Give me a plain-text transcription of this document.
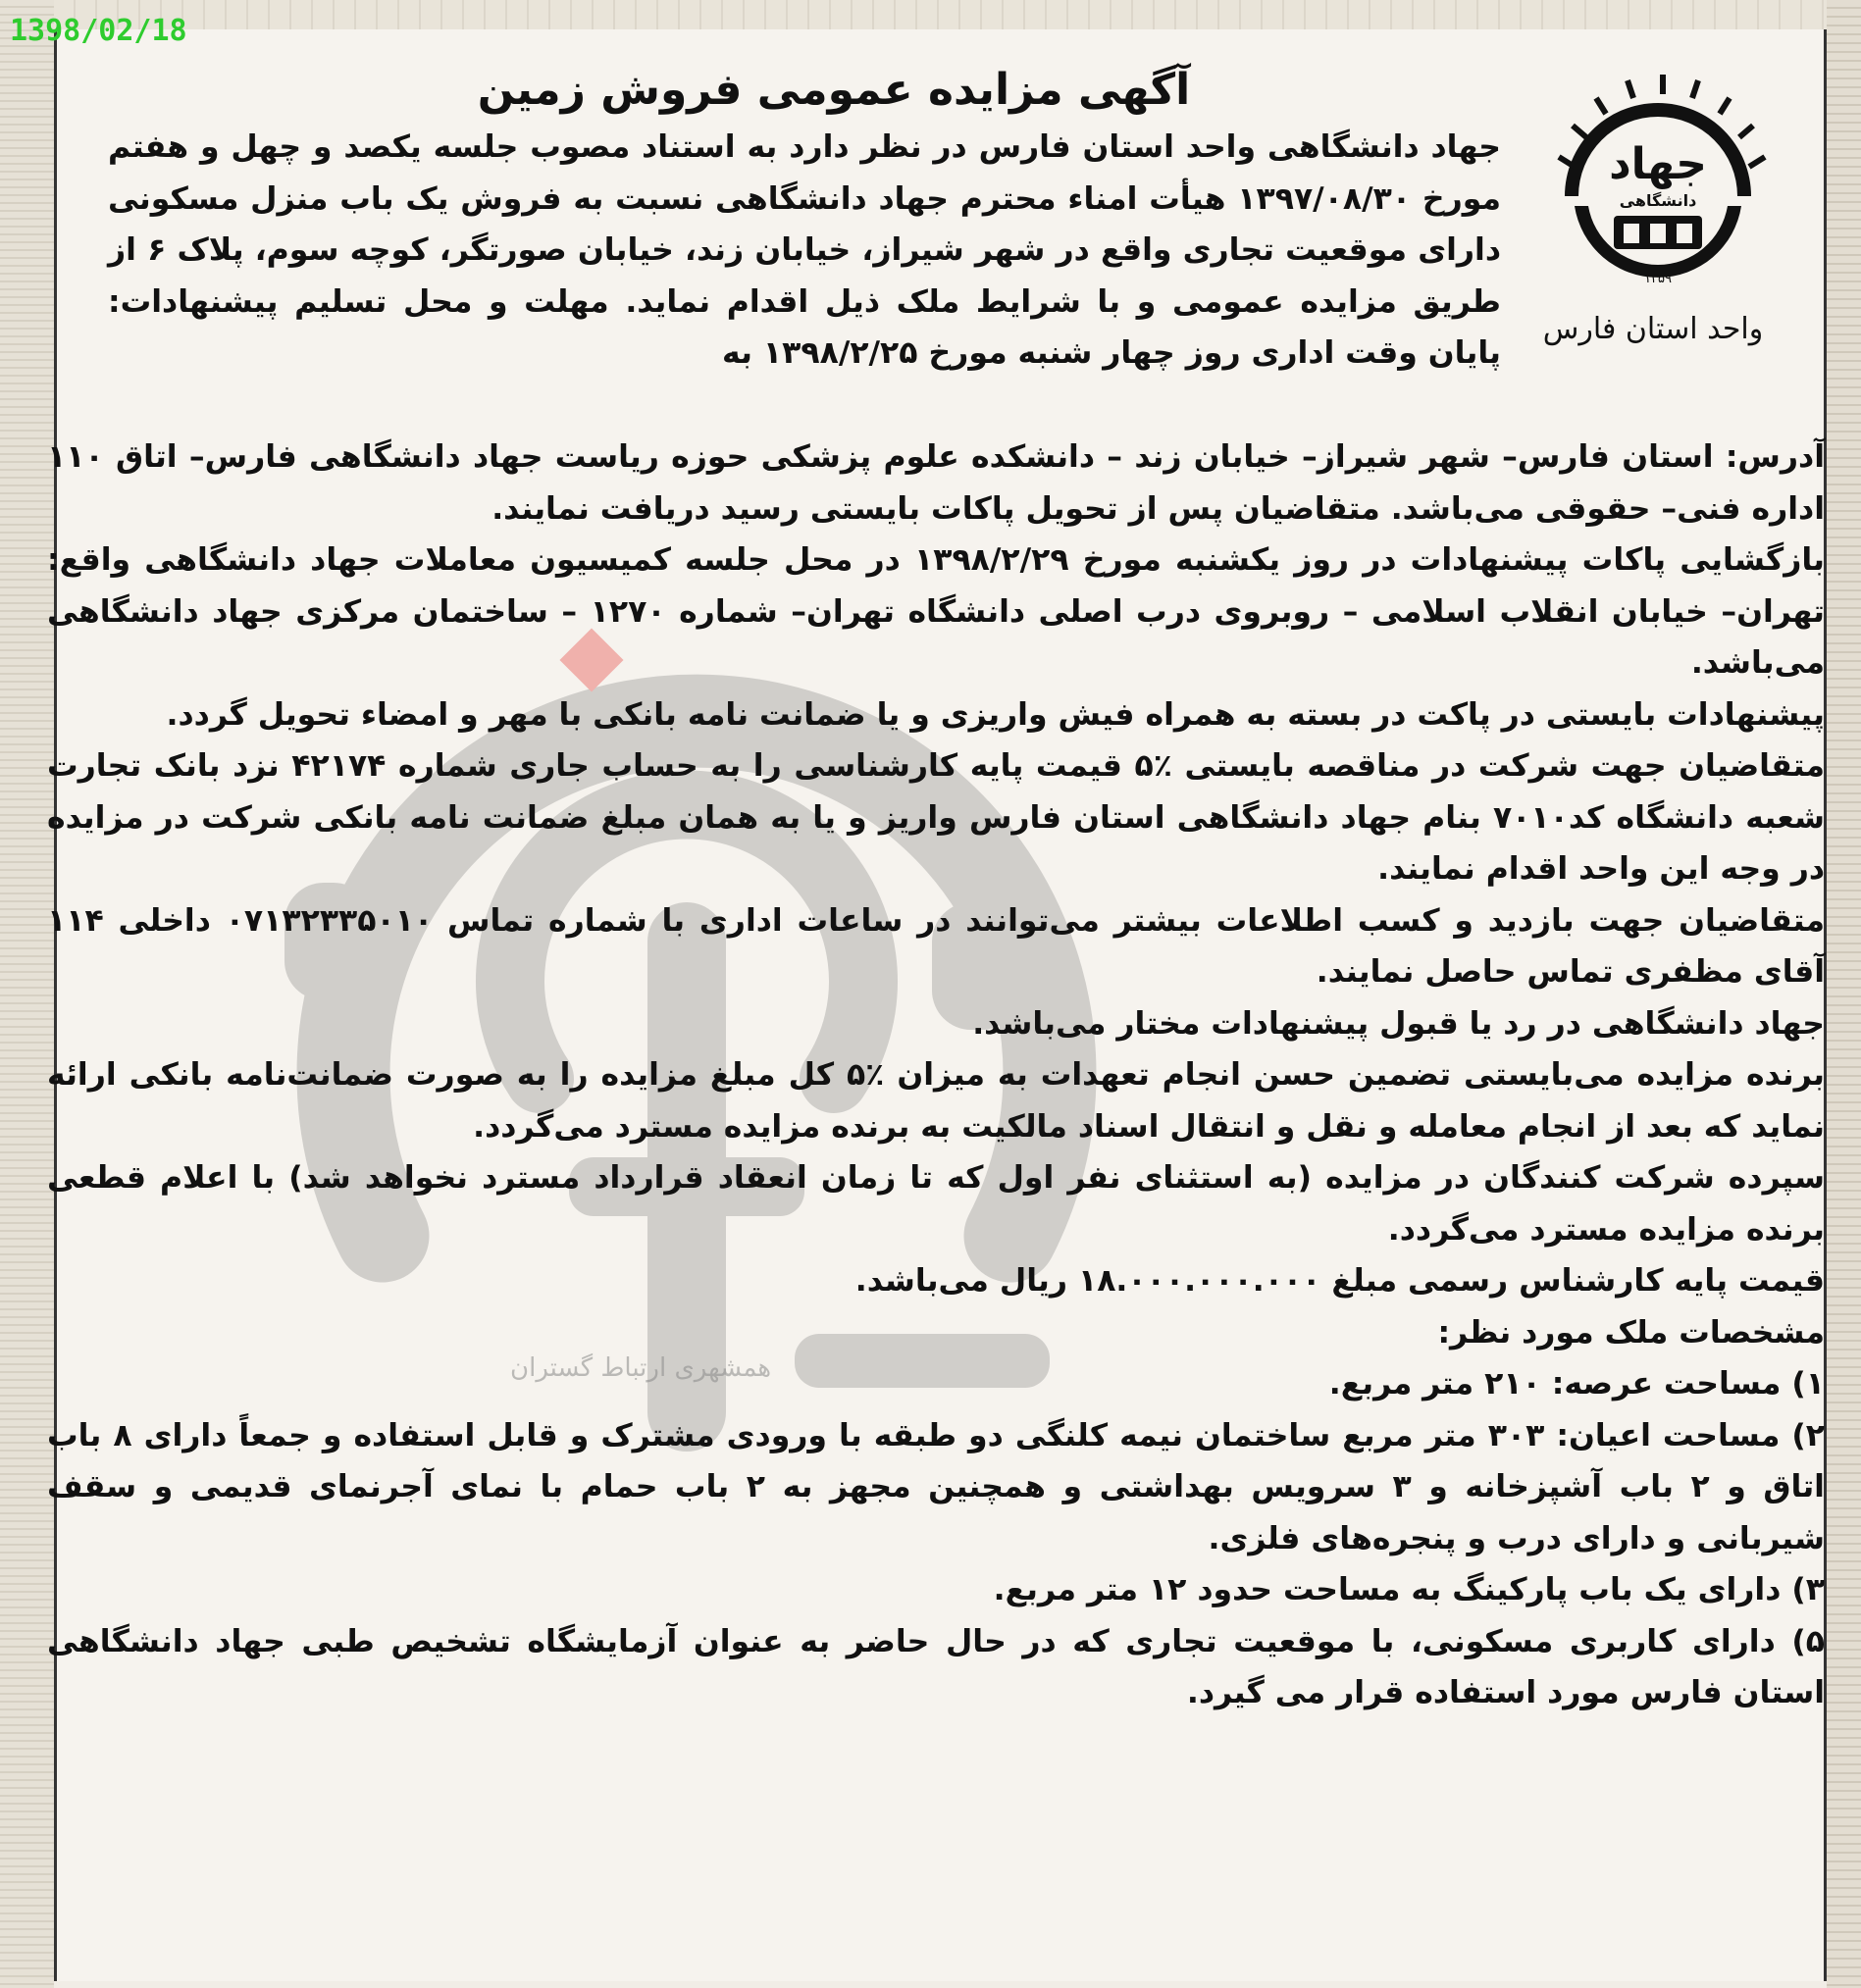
1398/02/18
همشهری ارتباط گستران
جهاد
دانشگاهی
۱۳۵۹
واحد استان فارس
آگهی مزایده عمومی فروش زمین

جهاد دانشگاهی واحد استان فارس در نظر دارد به استناد مصوب جلسه یکصد و چهل و هفتم مورخ ۱۳۹۷/۰۸/۳۰ هیأت امناء محترم جهاد دانشگاهی نسبت به فروش یک باب منزل مسکونی دارای موقعیت تجاری واقع در شهر شیراز، خیابان زند، خیابان صورتگر، کوچه سوم، پلاک ۶ از طریق مزایده عمومی و با شرایط ملک ذیل اقدام نماید. مهلت و محل تسلیم پیشنهادات: پایان وقت اداری روز چهار شنبه مورخ ۱۳۹۸/۲/۲۵ به

آدرس: استان فارس– شهر شیراز– خیابان زند – دانشکده علوم پزشکی حوزه ریاست جهاد دانشگاهی فارس– اتاق ۱۱۰ اداره فنی– حقوقی می‌باشد. متقاضیان پس از تحویل پاکات بایستی رسید دریافت نمایند.

بازگشایی پاکات پیشنهادات در روز یکشنبه مورخ ۱۳۹۸/۲/۲۹ در محل جلسه کمیسیون معاملات جهاد دانشگاهی واقع: تهران– خیابان انقلاب اسلامی – روبروی درب اصلی دانشگاه تهران– شماره ۱۲۷۰ – ساختمان مرکزی جهاد دانشگاهی می‌باشد.

پیشنهادات بایستی در پاکت در بسته به همراه فیش واریزی و یا ضمانت نامه بانکی با مهر و امضاء تحویل گردد.

متقاضیان جهت شرکت در مناقصه بایستی ٪۵ قیمت پایه کارشناسی را به حساب جاری شماره ۴۲۱۷۴ نزد بانک تجارت شعبه دانشگاه کد۷۰۱۰ بنام جهاد دانشگاهی استان فارس واریز و یا به همان مبلغ ضمانت نامه بانکی شرکت در مزایده در وجه این واحد اقدام نمایند.

متقاضیان جهت بازدید و کسب اطلاعات بیشتر می‌توانند در ساعات اداری با شماره تماس ۰۷۱۳۲۳۳۵۰۱۰ داخلی ۱۱۴ آقای مظفری تماس حاصل نمایند.

جهاد دانشگاهی در رد یا قبول پیشنهادات مختار می‌باشد.

برنده مزایده می‌بایستی تضمین حسن انجام تعهدات به میزان ٪۵ کل مبلغ مزایده را به صورت ضمانت‌نامه بانکی ارائه نماید که بعد از انجام معامله و نقل و انتقال اسناد مالکیت به برنده مزایده مسترد می‌گردد.

سپرده شرکت کنندگان در مزایده (به استثنای نفر اول که تا زمان انعقاد قرارداد مسترد نخواهد شد) با اعلام قطعی برنده مزایده مسترد می‌گردد.

قیمت پایه کارشناس رسمی مبلغ ۱۸.۰۰۰.۰۰۰.۰۰۰ ریال می‌باشد.

مشخصات ملک مورد نظر:

۱) مساحت عرصه: ۲۱۰ متر مربع.

۲) مساحت اعیان: ۳۰۳ متر مربع ساختمان نیمه کلنگی دو طبقه با ورودی مشترک و قابل استفاده و جمعاً دارای ۸ باب اتاق و ۲ باب آشپزخانه و ۳ سرویس بهداشتی و همچنین مجهز به ۲ باب حمام با نمای آجرنمای قدیمی و سقف شیربانی و دارای درب و پنجره‌های فلزی.

۳) دارای یک باب پارکینگ به مساحت حدود ۱۲ متر مربع.

۵) دارای کاربری مسکونی، با موقعیت تجاری که در حال حاضر به عنوان آزمایشگاه تشخیص طبی جهاد دانشگاهی استان فارس مورد استفاده قرار می گیرد.
